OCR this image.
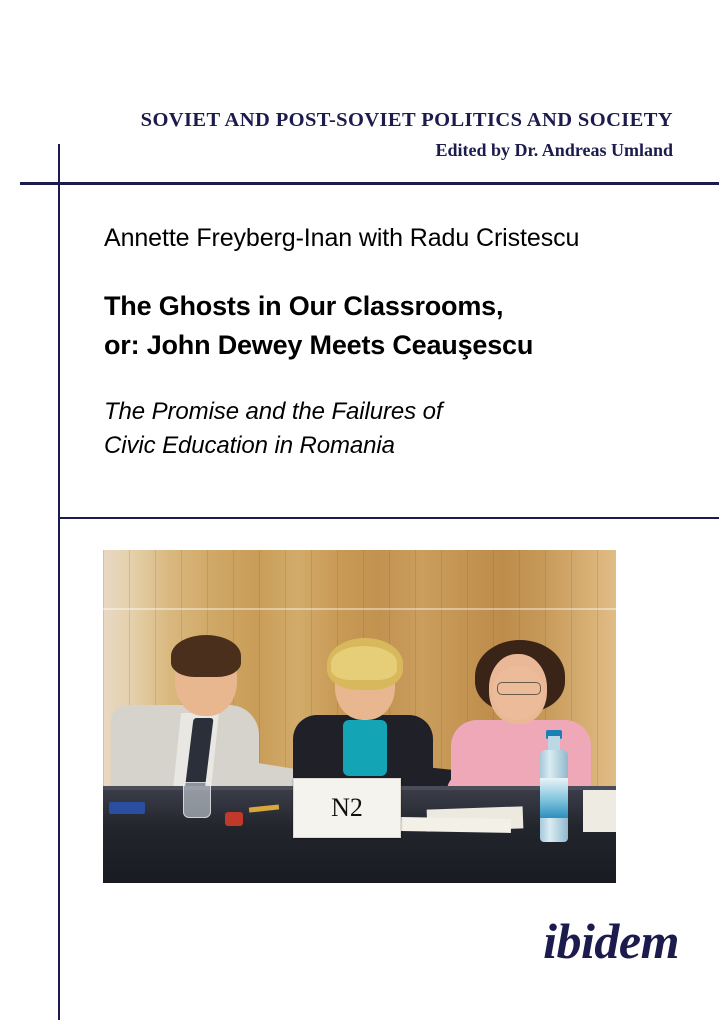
SOVIET AND POST-SOVIET POLITICS AND SOCIETY
Edited by Dr. Andreas Umland
Annette Freyberg-Inan with Radu Cristescu
The Ghosts in Our Classrooms,
or: John Dewey Meets Ceauşescu
The Promise and the Failures of
Civic Education in Romania
N2
ibidem
